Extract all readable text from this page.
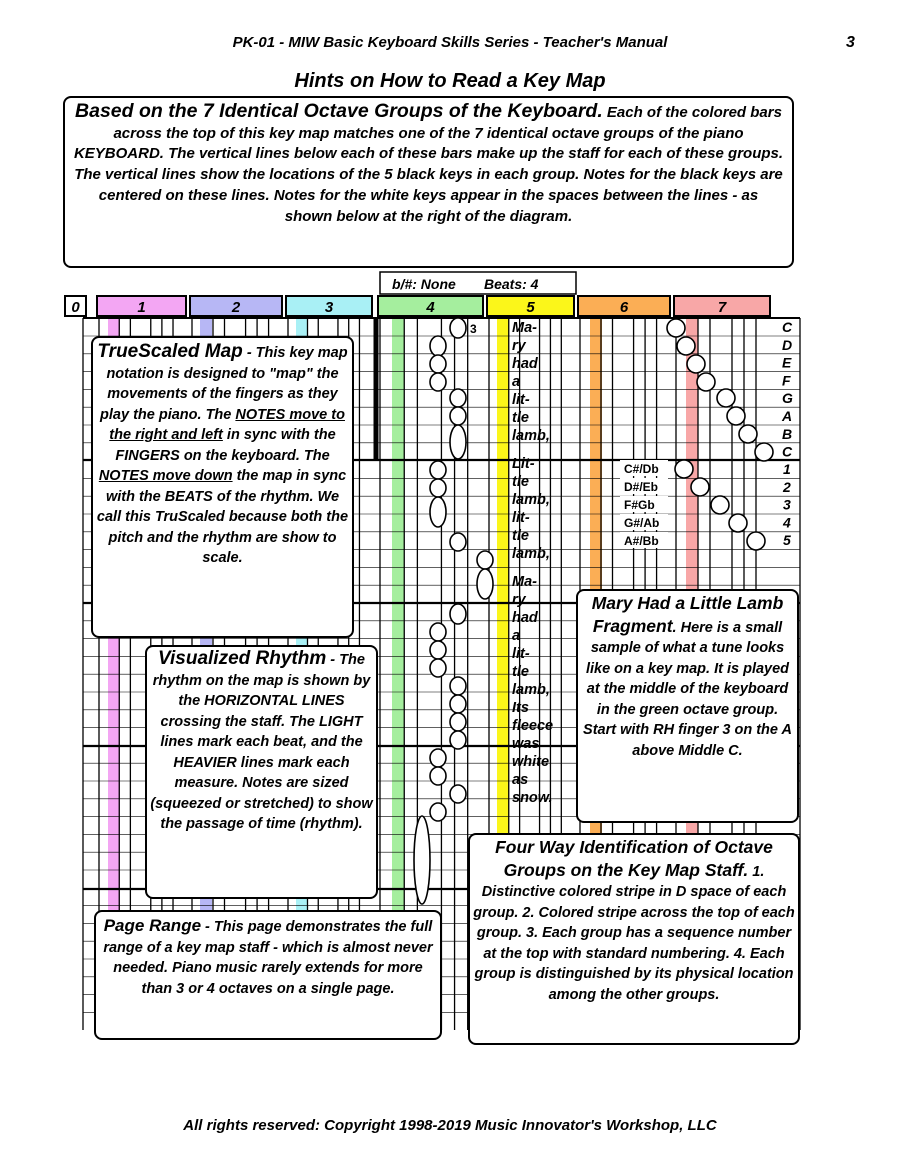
PK-01 - MIW Basic Keyboard Skills Series - Teacher's Manual	3
Hints on How to Read a Key Map
0	1	2	3	4	5	6	7
b/#: None Beats: 4
3 Ma-
ry
had
a
lit-
tle
lamb,
Lit-
tle
lamb,
lit-
tle
lamb,
Ma-
ry
had
a
lit-
tle
lamb,
Its
fleece
was
white
as
snow.
C
D
E
F
G
A
B
C
1
2
3
4
5
C#/Db
D#/Eb
F#Gb
G#/Ab
A#/Bb
Based on the 7 Identical Octave Groups of the Keyboard. Each of the colored bars across the top of this key map matches one of the 7 identical octave groups of the piano KEYBOARD. The vertical lines below each of these bars make up the staff for each of these groups. The vertical lines show the locations of the 5 black keys in each group. Notes for the black keys are centered on these lines. Notes for the white keys appear in the spaces between the lines - as shown below at the right of the diagram.
TrueScaled Map - This key map notation is designed to "map" the movements of the fingers as they play the piano. The NOTES move to the right and left in sync with the FINGERS on the keyboard. The NOTES move down the map in sync with the BEATS of the rhythm. We call this TruScaled because both the pitch and the rhythm are show to scale.
Visualized Rhythm - The rhythm on the map is shown by the HORIZONTAL LINES crossing the staff. The LIGHT lines mark each beat, and the HEAVIER lines mark each measure. Notes are sized (squeezed or stretched) to show the passage of time (rhythm).
Page Range - This page demonstrates the full range of a key map staff - which is almost never needed. Piano music rarely extends for more than 3 or 4 octaves on a single page.
Mary Had a Little Lamb Fragment. Here is a small sample of what a tune looks like on a key map. It is played at the middle of the keyboard in the green octave group. Start with RH finger 3 on the A above Middle C.
Four Way Identification of Octave Groups on the Key Map Staff. 1. Distinctive colored stripe in D space of each group. 2. Colored stripe across the top of each group. 3. Each group has a sequence number at the top with standard numbering. 4. Each group is distinguished by its physical location among the other groups.
All rights reserved: Copyright 1998-2019 Music Innovator's Workshop, LLC
